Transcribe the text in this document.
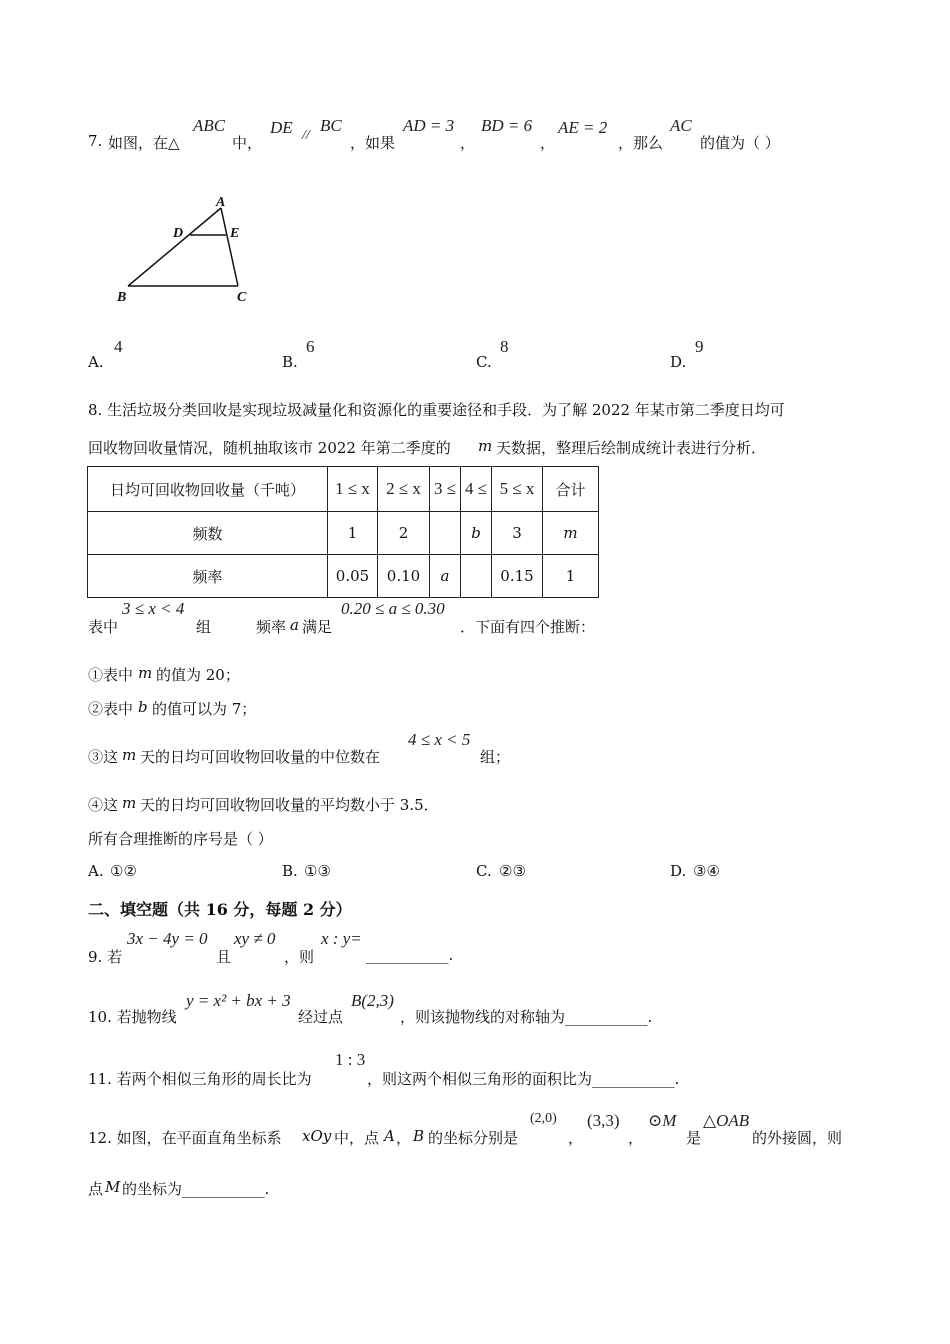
7. 如图，在△
ABC
中，
DE //
BC
，如果
AD = 3
，
BD = 6
，
AE = 2
，那么
AC
的值为（ ）
A
D	E
B	C
A.
4
B.
6
C.
8
D.
9
8. 生活垃圾分类回收是实现垃圾减量化和资源化的重要途径和手段．为了解 2022 年某市第二季度日均可
回收物回收量情况，随机抽取该市 2022 年第二季度的 m 天数据，整理后绘制成统计表进行分析．
日均可回收物回收量（千吨）	1 ≤ x	2 ≤ x	3 ≤	4 ≤	5 ≤ x	合计
频数	1	2		b	3	m
频率	0.05	0.10	a		0.15	1
表中
3 ≤ x < 4
组	频率 a 满足
0.20 ≤ a ≤ 0.30
．下面有四个推断：
①表中 m 的值为 20；
②表中 b 的值可以为 7；
③这 m 天的日均可回收物回收量的中位数在
4 ≤ x < 5
组；
④这 m 天的日均可回收物回收量的平均数小于 3.5．
所有合理推断的序号是（ ）
A. ①②	B. ①③	C. ②③	D. ③④
二、填空题（共 16 分，每题 2 分）
9. 若
3x − 4y = 0
且
xy ≠ 0
，则
x : y=
___________.
10. 若抛物线
y = x² + bx + 3
经过点
B(2,3)
，则该抛物线的对称轴为___________.
11. 若两个相似三角形的周长比为
1 : 3
，则这两个相似三角形的面积比为___________.
12. 如图，在平面直角坐标系 xOy 中，点 A ， B 的坐标分别是
(2,0)
，
(3,3)
，
⊙M
是
△OAB
的外接圆，则
点 M 的坐标为___________.
